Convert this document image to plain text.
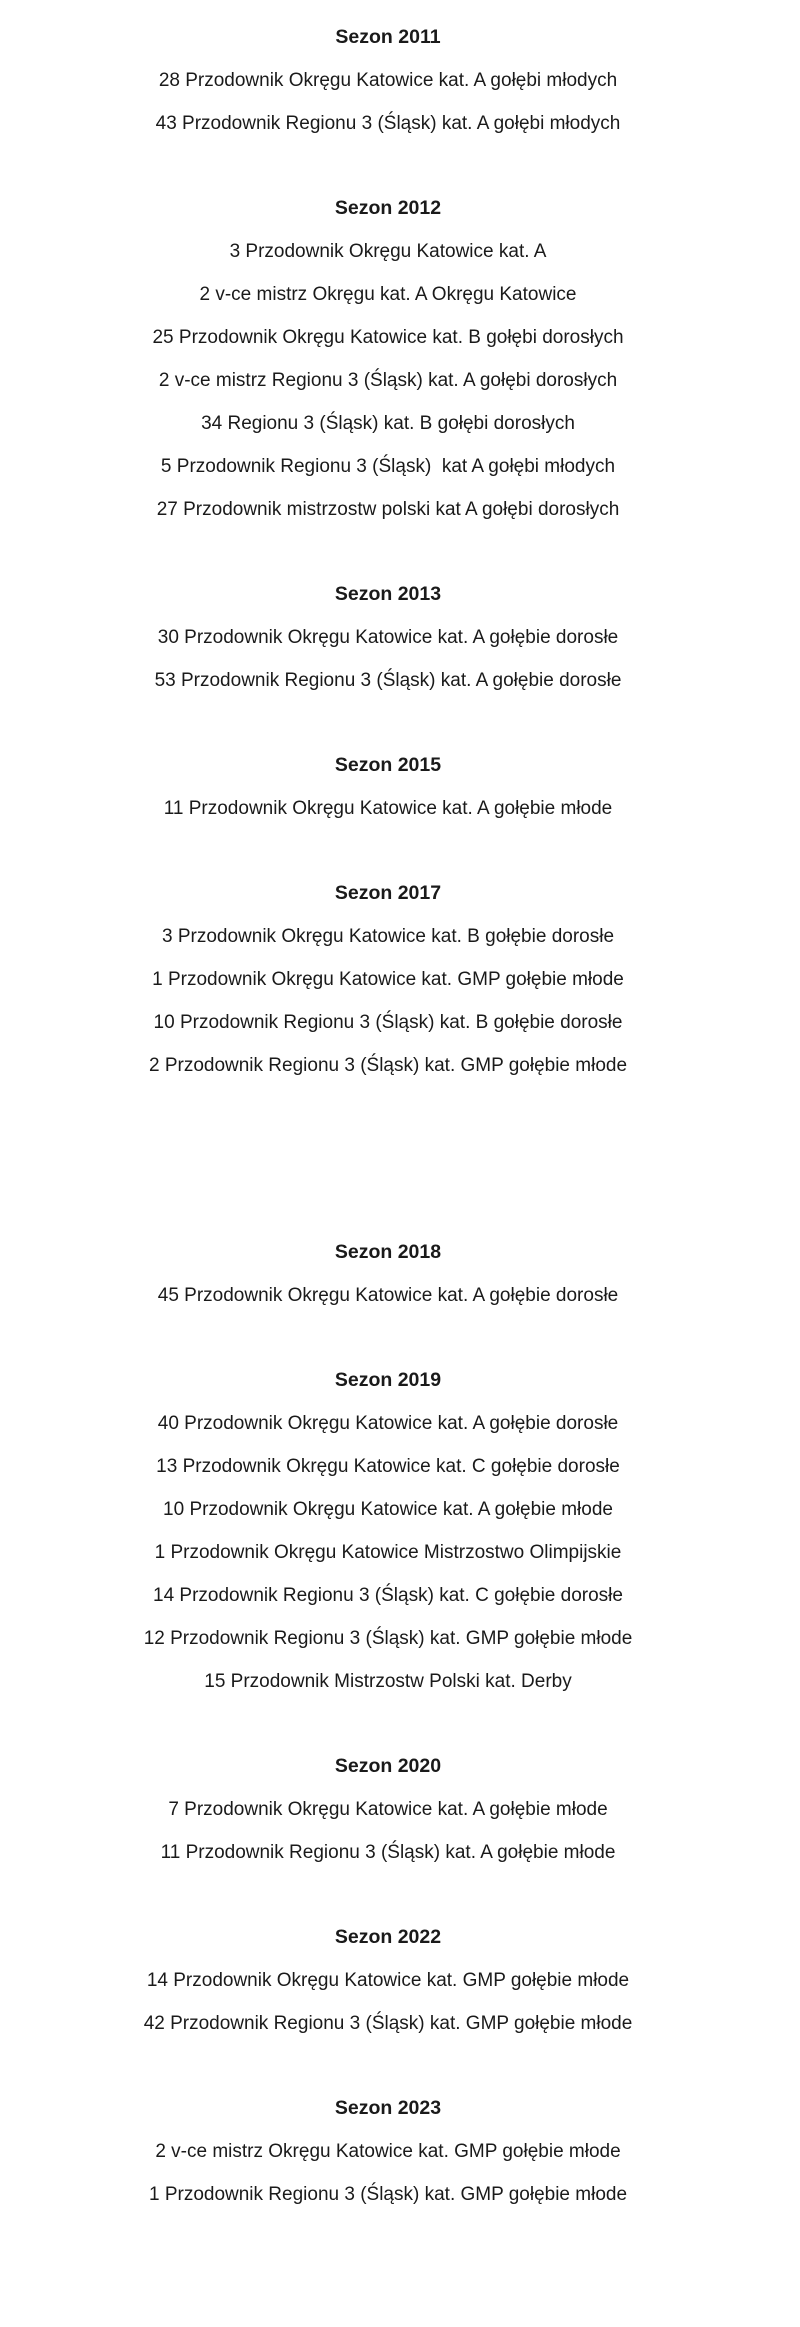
Sezon 2011

28 Przodownik Okręgu Katowice kat. A gołębi młodych

43 Przodownik Regionu 3 (Śląsk) kat. A gołębi młodych

Sezon 2012

3 Przodownik Okręgu Katowice kat. A

2 v-ce mistrz Okręgu kat. A Okręgu Katowice

25 Przodownik Okręgu Katowice kat. B gołębi dorosłych

2 v-ce mistrz Regionu 3 (Śląsk) kat. A gołębi dorosłych

34 Regionu 3 (Śląsk) kat. B gołębi dorosłych

5 Przodownik Regionu 3 (Śląsk)  kat A gołębi młodych

27 Przodownik mistrzostw polski kat A gołębi dorosłych

Sezon 2013

30 Przodownik Okręgu Katowice kat. A gołębie dorosłe

53 Przodownik Regionu 3 (Śląsk) kat. A gołębie dorosłe

Sezon 2015

11 Przodownik Okręgu Katowice kat. A gołębie młode

Sezon 2017

3 Przodownik Okręgu Katowice kat. B gołębie dorosłe

1 Przodownik Okręgu Katowice kat. GMP gołębie młode

10 Przodownik Regionu 3 (Śląsk) kat. B gołębie dorosłe

2 Przodownik Regionu 3 (Śląsk) kat. GMP gołębie młode

Sezon 2018

45 Przodownik Okręgu Katowice kat. A gołębie dorosłe

Sezon 2019

40 Przodownik Okręgu Katowice kat. A gołębie dorosłe

13 Przodownik Okręgu Katowice kat. C gołębie dorosłe

10 Przodownik Okręgu Katowice kat. A gołębie młode

1 Przodownik Okręgu Katowice Mistrzostwo Olimpijskie

14 Przodownik Regionu 3 (Śląsk) kat. C gołębie dorosłe

12 Przodownik Regionu 3 (Śląsk) kat. GMP gołębie młode

15 Przodownik Mistrzostw Polski kat. Derby

Sezon 2020

7 Przodownik Okręgu Katowice kat. A gołębie młode

11 Przodownik Regionu 3 (Śląsk) kat. A gołębie młode

Sezon 2022

14 Przodownik Okręgu Katowice kat. GMP gołębie młode

42 Przodownik Regionu 3 (Śląsk) kat. GMP gołębie młode

Sezon 2023

2 v-ce mistrz Okręgu Katowice kat. GMP gołębie młode

1 Przodownik Regionu 3 (Śląsk) kat. GMP gołębie młode
